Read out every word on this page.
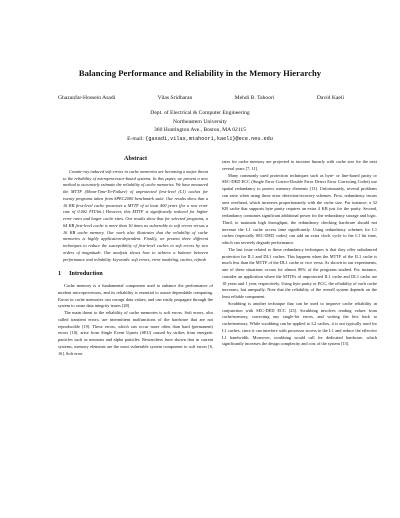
Balancing Performance and Reliability in the Memory Hierarchy
Ghazanfar-Hossein Asadi	Vilas Sridharan	Mehdi B. Tahoori	David Kaeli
Dept. of Electrical & Computer Engineering
Northeastern University
360 Huntington Ave., Boston, MA 02115
E-mail: {gasadi,vilas,mtahoori,kaeli}@ece.neu.edu
Abstract

Cosmic-ray induced soft errors in cache memories are becoming a major threat to the reliability of microprocessor-based systems. In this paper, we present a new method to accurately estimate the reliability of cache memories. We have measured the MTTF (Mean-Time-To-Failure) of unprotected first-level (L1) caches for twenty programs taken from SPEC2000 benchmark suite. Our results show that a 16 KB first-level cache possesses a MTTF of at least 400 years (for a raw error rate of 0.002 FIT/bit.) However, this MTTF is significantly reduced for higher error rates and larger cache sizes. Our results show that for selected programs, a 64 KB first-level cache is more than 10 times as vulnerable to soft errors versus a 16 KB cache memory. Our work also illustrates that the reliability of cache memories is highly application-dependent. Finally, we present three different techniques to reduce the susceptibility of first-level caches to soft errors by two orders of magnitude. Our analysis shows how to achieve a balance between performance and reliability. keywords: soft errors, error modeling, caches, refresh

1 Introduction

Cache memory is a fundamental component used to enhance the performance of modern microprocessors, and its reliability is essential to assure dependable computing. Errors in cache memories can corrupt data values, and can easily propagate through the system to cause data integrity issues [28].

The main threat to the reliability of cache memories is soft errors. Soft errors, also called transient errors, are intermittent malfunctions of the hardware that are not reproducible [19]. These errors, which can occur more often than hard (permanent) errors [10], arise from Single Event Upsets (SEU) caused by strikes from energetic particles such as neutrons and alpha particles. Researchers have shown that in current systems, memory elements are the most vulnerable system component to soft errors [6, 16]. Soft error

rates for cache memory are projected to increase linearly with cache size for the next several years [7, 11].

Many commonly used protection techniques such as byte- or line-based parity or SEC-DED ECC (Single Error Correct-Double Error Detect Error Correcting Codes) use spatial redundancy to protect memory elements [13]. Unfortunately, several problems can arise when using these error detection/recovery schemes. First, redundancy incurs area overhead, which increases proportionately with the cache size. For instance, a 32 KB cache that supports byte parity requires an extra 4 KB just for the parity. Second, redundancy consumes significant additional power for the redundancy storage and logic. Third, to maintain high throughput, the redundancy checking hardware should not increase the L1 cache access time significantly. Using redundancy schemes for L1 caches (especially SEC-DED codes) can add an extra clock cycle to the L1 hit time, which can severely degrade performance.

The last issue related to these redundancy techniques is that they offer unbalanced protection for IL1 and DL1 caches. This happens when the MTTF of the IL1 cache is much less than the MTTF of the DL1 cache or vice versa. As shown in our experiments, one of these situations occurs for almost 80% of the programs studied. For instance, consider an application where the MTTFs of unprotected IL1 cache and DL1 cache are 10 years and 1 year, respectively. Using byte parity or ECC, the reliability of each cache increases, but unequally. Note that the reliability of the overall system depends on the least reliable component.

Scrubbing is another technique that can be used to improve cache reliability in conjunction with SEC-DED ECC [23]. Scrubbing involves reading values from cache/memory, correcting any single-bit errors, and writing the bits back to cache/memory. While scrubbing can be applied to L2 caches, it is not typically used for L1 caches, since it can interfere with processor access to the L1 and reduce the effective L1 bandwidth. Moreover, scrubbing would call for dedicated hardware, which significantly increases the design complexity and cost of the system [13].
